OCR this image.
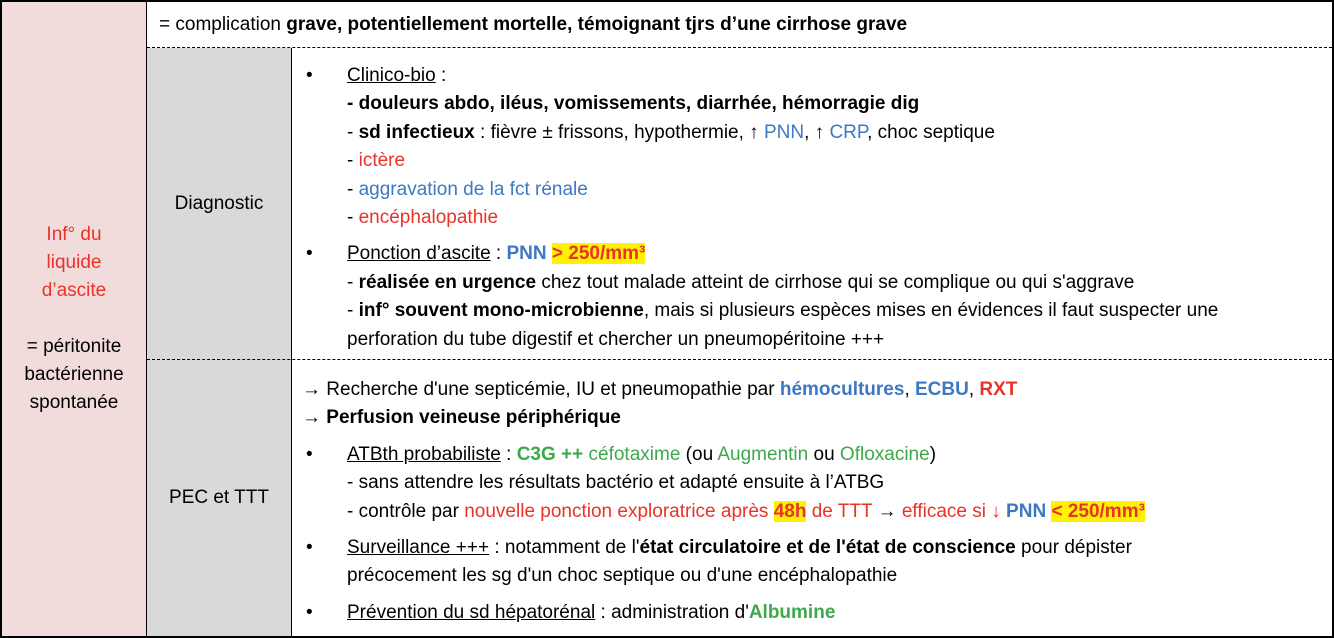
Inf° du
liquide
d’ascite
= péritonite
bactérienne
spontanée
= complication grave, potentiellement mortelle, témoignant tjrs d’une cirrhose grave
Diagnostic
PEC et TTT
• Clinico-bio :
- douleurs abdo, iléus, vomissements, diarrhée, hémorragie dig
- sd infectieux : fièvre ± frissons, hypothermie, ↑ PNN, ↑ CRP, choc septique
- ictère
- aggravation de la fct rénale
- encéphalopathie
• Ponction d’ascite : PNN > 250/mm³
- réalisée en urgence chez tout malade atteint de cirrhose qui se complique ou qui s'aggrave
- inf° souvent mono-microbienne, mais si plusieurs espèces mises en évidences il faut suspecter une
perforation du tube digestif et chercher un pneumopéritoine +++
→ Recherche d'une septicémie, IU et pneumopathie par hémocultures, ECBU, RXT
→ Perfusion veineuse périphérique
• ATBth probabiliste : C3G ++ céfotaxime (ou Augmentin ou Ofloxacine)
- sans attendre les résultats bactério et adapté ensuite à l’ATBG
- contrôle par nouvelle ponction exploratrice après 48h de TTT → efficace si ↓ PNN < 250/mm³
• Surveillance +++ : notamment de l'état circulatoire et de l'état de conscience pour dépister
précocement les sg d'un choc septique ou d'une encéphalopathie
• Prévention du sd hépatorénal : administration d'Albumine
